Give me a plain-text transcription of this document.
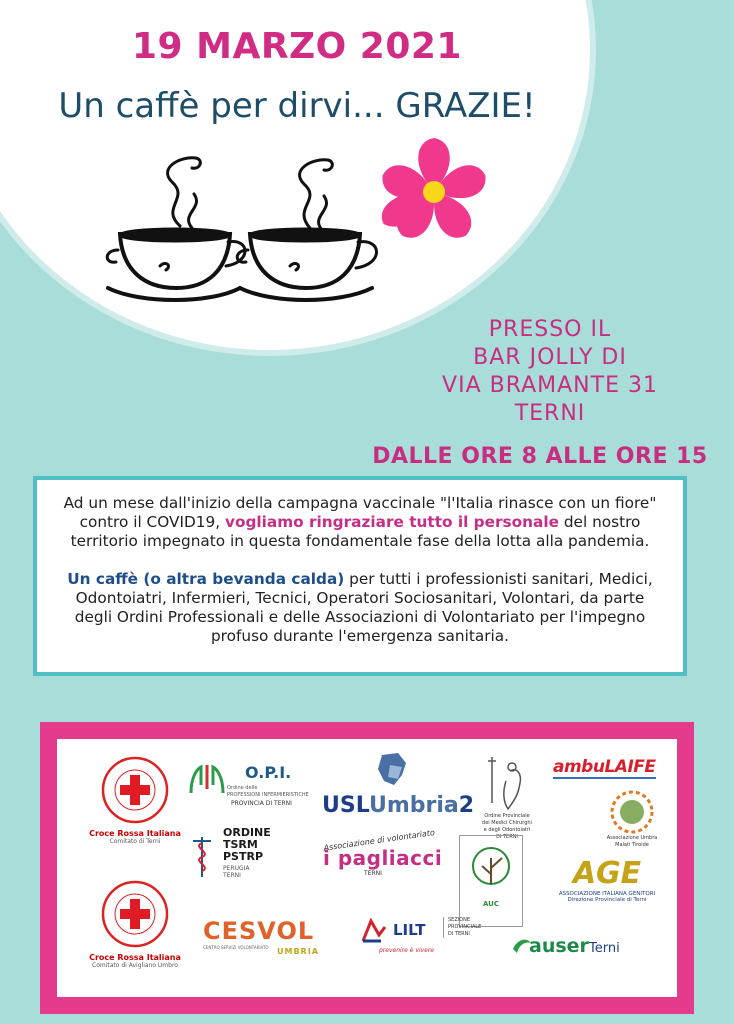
19 MARZO 2021
Un caffè per dirvi... GRAZIE!
PRESSO IL
BAR JOLLY DI
VIA BRAMANTE 31
TERNI
DALLE ORE 8 ALLE ORE 15

Ad un mese dall'inizio della campagna vaccinale "l'Italia rinasce con un fiore" contro il COVID19, vogliamo ringraziare tutto il personale del nostro territorio impegnato in questa fondamentale fase della lotta alla pandemia.

Un caffè (o altra bevanda calda) per tutti i professionisti sanitari, Medici, Odontoiatri, Infermieri, Tecnici, Operatori Sociosanitari, Volontari, da parte degli Ordini Professionali e delle Associazioni di Volontariato per l'impegno profuso durante l'emergenza sanitaria.

Croce Rossa Italiana
Comitato di Terni
Croce Rossa Italiana
Comitato di Avigliano Umbro
O.P.I.
Ordine delle
PROFESSIONI INFERMIERISTICHE
PROVINCIA DI TERNI USLUmbria2	Ordine Provinciale
dei Medici Chirurghi
e degli Odontoiatri
DI TERNI
ambuLAIFE
Associazione Umbra
Malati Tiroide
ORDINE
TSRM
PSTRP
PERUGIA
TERNI
Associazione di volontariato
i pagliacci
TERNI
AUC
AGE
ASSOCIAZIONE ITALIANA GENITORI
Direzione Provinciale di Terni
CESVOL
CENTRO SERVIZI VOLONTARIATO	UMBRIA
LILT
prevenire è vivere
SEZIONE
PROVINCIALE
DI TERNI
auser Terni
